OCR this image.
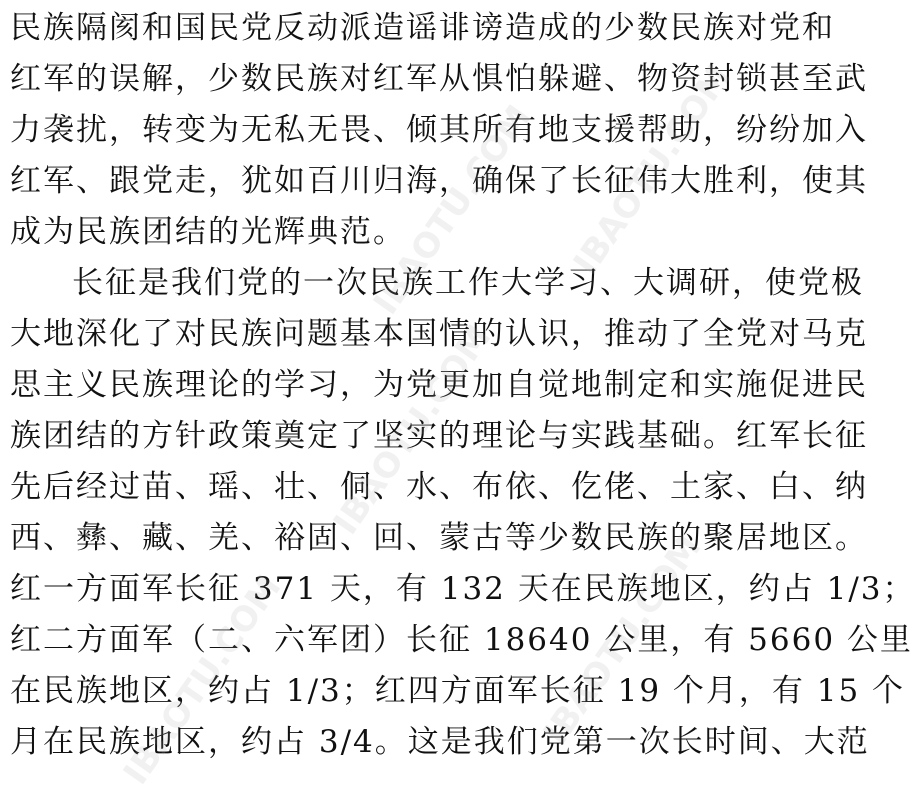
民族隔阂和国民党反动派造谣诽谤造成的少数民族对党和
红军的误解，少数民族对红军从惧怕躲避、物资封锁甚至武
力袭扰，转变为无私无畏、倾其所有地支援帮助，纷纷加入
红军、跟党走，犹如百川归海，确保了长征伟大胜利，使其
成为民族团结的光辉典范。
长征是我们党的一次民族工作大学习、大调研，使党极
大地深化了对民族问题基本国情的认识，推动了全党对马克
思主义民族理论的学习，为党更加自觉地制定和实施促进民
族团结的方针政策奠定了坚实的理论与实践基础。红军长征
先后经过苗、瑶、壮、侗、水、布依、仡佬、土家、白、纳
西、彝、藏、羌、裕固、回、蒙古等少数民族的聚居地区。
红一方面军长征 371 天，有 132 天在民族地区，约占 1/3；
红二方面军（二、六军团）长征 18640 公里，有 5660 公里
在民族地区，约占 1/3；红四方面军长征 19 个月，有 15 个
月在民族地区，约占 3/4。这是我们党第一次长时间、大范
IBAOTU.COM IBAOTU.COM
IBAOTU.COM
IBAOTU.COM
IBAOTU.COM
